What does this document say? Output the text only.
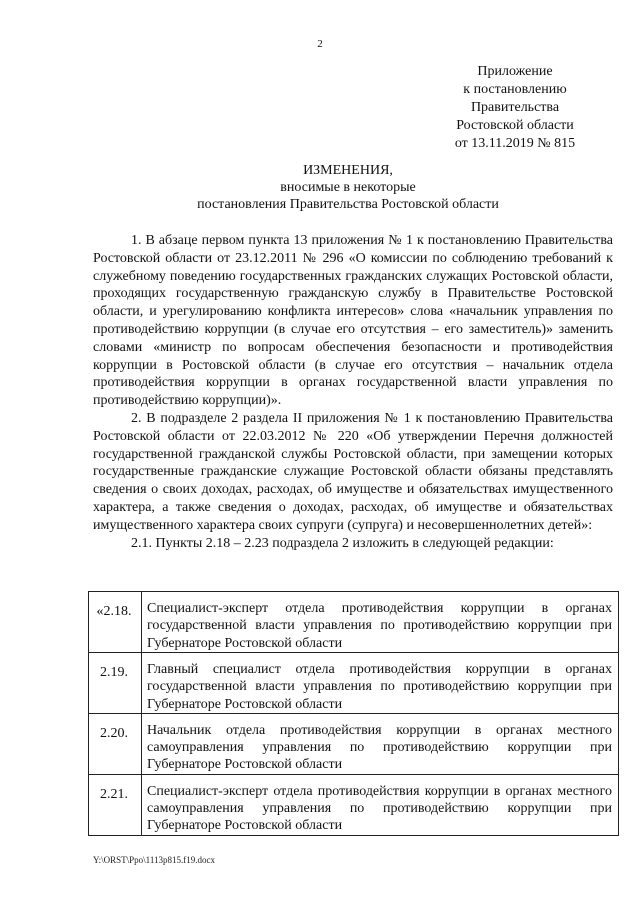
2
Приложение
к постановлению
Правительства
Ростовской области
от 13.11.2019 № 815
ИЗМЕНЕНИЯ,
вносимые в некоторые
постановления Правительства Ростовской области

1. В абзаце первом пункта 13 приложения № 1 к постановлению Правительства Ростовской области от 23.12.2011 № 296 «О комиссии по соблюдению требований к служебному поведению государственных гражданских служащих Ростовской области, проходящих государственную гражданскую службу в Правительстве Ростовской области, и урегулированию конфликта интересов» слова «начальник управления по противодействию коррупции (в случае его отсутствия – его заместитель)» заменить словами «министр по вопросам обеспечения безопасности и противодействия коррупции в Ростовской области (в случае его отсутствия – начальник отдела противодействия коррупции в органах государственной власти управления по противодействию коррупции)».

2. В подразделе 2 раздела II приложения № 1 к постановлению Правительства Ростовской области от 22.03.2012 № 220 «Об утверждении Перечня должностей государственной гражданской службы Ростовской области, при замещении которых государственные гражданские служащие Ростовской области обязаны представлять сведения о своих доходах, расходах, об имуществе и обязательствах имущественного характера, а также сведения о доходах, расходах, об имуществе и обязательствах имущественного характера своих супруги (супруга) и несовершеннолетних детей»:

2.1. Пункты 2.18 – 2.23 подраздела 2 изложить в следующей редакции:

«2.18.	Специалист-эксперт отдела противодействия коррупции в органах государственной власти управления по противодействию коррупции при Губернаторе Ростовской области
2.19.	Главный специалист отдела противодействия коррупции в органах государственной власти управления по противодействию коррупции при Губернаторе Ростовской области
2.20.	Начальник отдела противодействия коррупции в органах местного самоуправления управления по противодействию коррупции при Губернаторе Ростовской области
2.21.	Специалист-эксперт отдела противодействия коррупции в органах местного самоуправления управления по противодействию коррупции при Губернаторе Ростовской области
Y:\ORST\Ppo\1113p815.f19.docx
